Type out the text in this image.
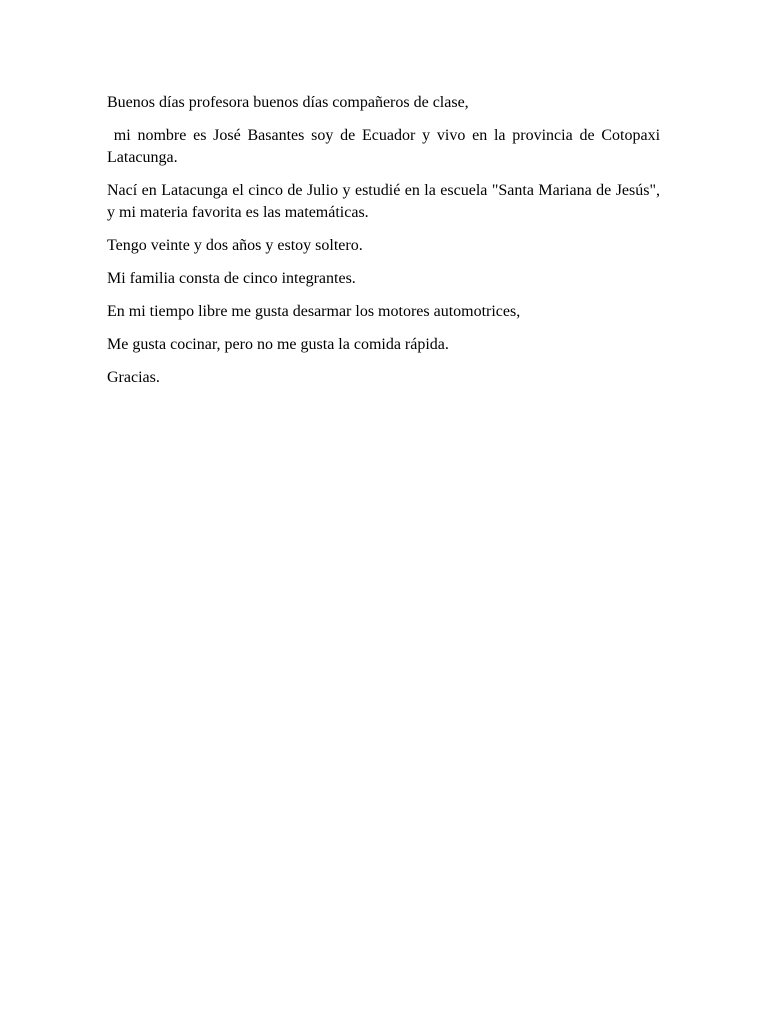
Buenos días profesora buenos días compañeros de clase,

mi nombre es José Basantes soy de Ecuador y vivo en la provincia de Cotopaxi Latacunga.

Nací en Latacunga el cinco de Julio y estudié en la escuela "Santa Mariana de Jesús", y mi materia favorita es las matemáticas.

Tengo veinte y dos años y estoy soltero.

Mi familia consta de cinco integrantes.

En mi tiempo libre me gusta desarmar los motores automotrices,

Me gusta cocinar, pero no me gusta la comida rápida.

Gracias.
